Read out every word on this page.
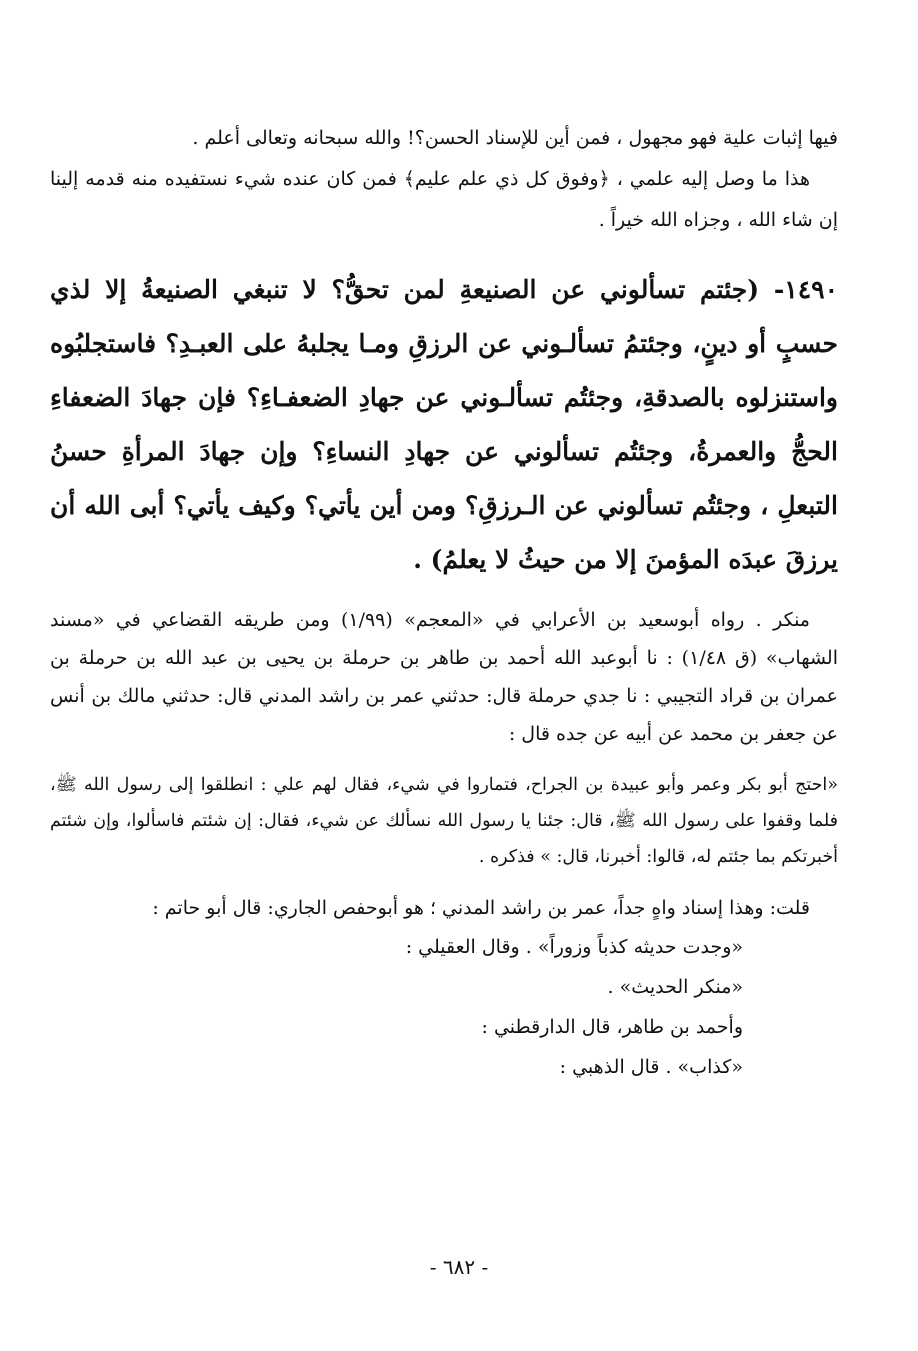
فيها إثبات علية فهو مجهول ، فمن أين للإسناد الحسن؟! والله سبحانه وتعالى أعلم .
هذا ما وصل إليه علمي ، ﴿وفوق كل ذي علم عليم﴾ فمن كان عنده شيء نستفيده منه قدمه إلينا إن شاء الله ، وجزاه الله خيراً .
١٤٩٠- (جئتم تسألوني عن الصنيعةِ لمن تحقُّ؟ لا تنبغي الصنيعةُ إلا لذي حسبٍ أو دينٍ، وجئتمُ تسألـوني عن الرزقِ ومـا يجلبهُ على العبـدِ؟ فاستجلبُوه واستنزلوه بالصدقةِ، وجئتُم تسألـوني عن جهادِ الضعفـاءِ؟ فإن جهادَ الضعفاءِ الحجُّ والعمرةُ، وجئتُم تسألوني عن جهادِ النساءِ؟ وإن جهادَ المرأةِ حسنُ التبعلِ ، وجئتُم تسألوني عن الـرزقِ؟ ومن أين يأتي؟ وكيف يأتي؟ أبى الله أن يرزقَ عبدَه المؤمنَ إلا من حيثُ لا يعلمُ) .
منكر . رواه أبوسعيد بن الأعرابي في «المعجم» (١/٩٩) ومن طريقه القضاعي في «مسند الشهاب» (ق ١/٤٨) : نا أبوعبد الله أحمد بن طاهر بن حرملة بن يحيى بن عبد الله بن حرملة بن عمران بن قراد التجيبي : نا جدي حرملة قال: حدثني عمر بن راشد المدني قال: حدثني مالك بن أنس عن جعفر بن محمد عن أبيه عن جده قال :
«احتج أبو بكر وعمر وأبو عبيدة بن الجراح، فتماروا في شيء، فقال لهم علي : انطلقوا إلى رسول الله ﷺ، فلما وقفوا على رسول الله ﷺ، قال: جئنا يا رسول الله نسألك عن شيء، فقال: إن شئتم فاسألوا، وإن شئتم أخبرتكم بما جئتم له، قالوا: أخبرنا، قال: » فذكره .
قلت: وهذا إسناد واهٍ جداً، عمر بن راشد المدني ؛ هو أبوحفص الجاري: قال أبو حاتم :

«وجدت حديثه كذباً وزوراً» . وقال العقيلي :

«منكر الحديث» .

وأحمد بن طاهر، قال الدارقطني :

«كذاب» . قال الذهبي :

- ٦٨٢ -
